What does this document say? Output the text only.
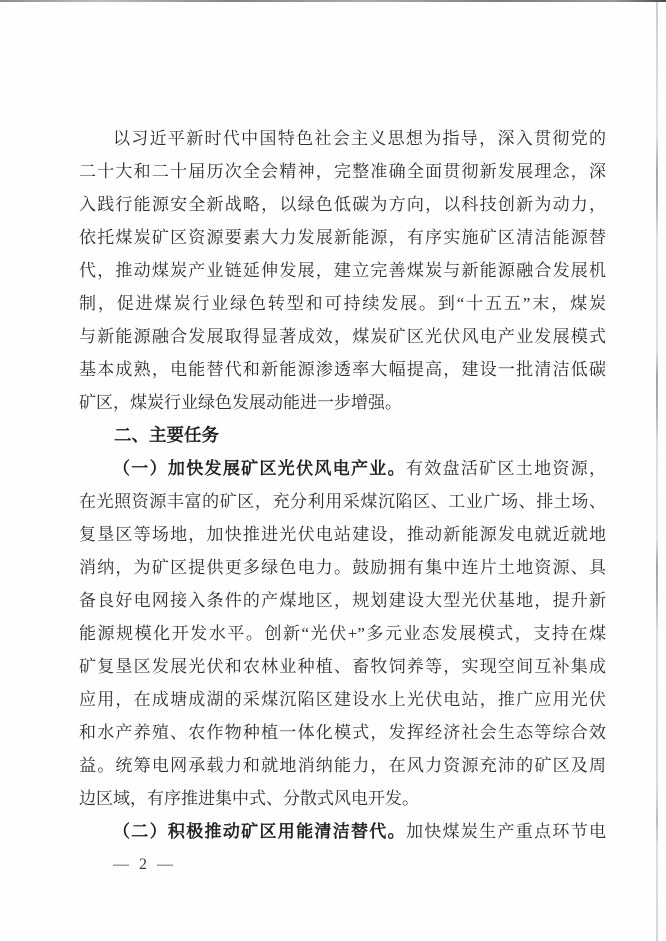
以习近平新时代中国特色社会主义思想为指导，深入贯彻党的
二十大和二十届历次全会精神，完整准确全面贯彻新发展理念，深
入践行能源安全新战略，以绿色低碳为方向，以科技创新为动力，
依托煤炭矿区资源要素大力发展新能源，有序实施矿区清洁能源替
代，推动煤炭产业链延伸发展，建立完善煤炭与新能源融合发展机
制，促进煤炭行业绿色转型和可持续发展。到“十五五”末，煤炭
与新能源融合发展取得显著成效，煤炭矿区光伏风电产业发展模式
基本成熟，电能替代和新能源渗透率大幅提高，建设一批清洁低碳
矿区，煤炭行业绿色发展动能进一步增强。
二、主要任务
（一）加快发展矿区光伏风电产业。有效盘活矿区土地资源，
在光照资源丰富的矿区，充分利用采煤沉陷区、工业广场、排土场、
复垦区等场地，加快推进光伏电站建设，推动新能源发电就近就地
消纳，为矿区提供更多绿色电力。鼓励拥有集中连片土地资源、具
备良好电网接入条件的产煤地区，规划建设大型光伏基地，提升新
能源规模化开发水平。创新“光伏+”多元业态发展模式，支持在煤
矿复垦区发展光伏和农林业种植、畜牧饲养等，实现空间互补集成
应用，在成塘成湖的采煤沉陷区建设水上光伏电站，推广应用光伏
和水产养殖、农作物种植一体化模式，发挥经济社会生态等综合效
益。统筹电网承载力和就地消纳能力，在风力资源充沛的矿区及周
边区域，有序推进集中式、分散式风电开发。
（二）积极推动矿区用能清洁替代。加快煤炭生产重点环节电
— 2 —
